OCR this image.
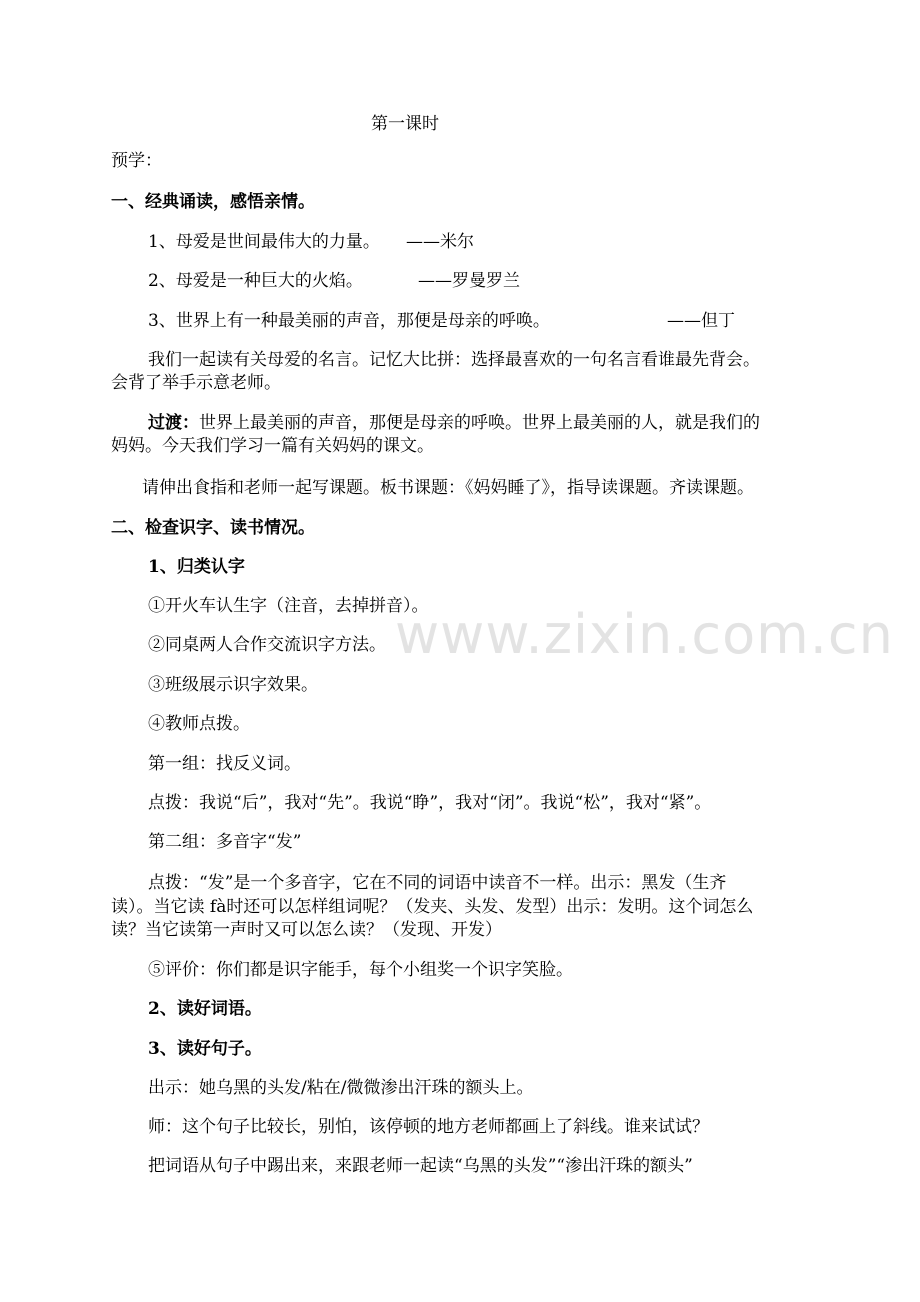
www.zixin.com.cn
第一课时
预学：
一、经典诵读，感悟亲情。
1、母爱是世间最伟大的力量。 ——米尔
2、母爱是一种巨大的火焰。	——罗曼罗兰
3、世界上有一种最美丽的声音，那便是母亲的呼唤。	——但丁
我们一起读有关母爱的名言。记忆大比拼：选择最喜欢的一句名言看谁最先背会。
会背了举手示意老师。
过渡：世界上最美丽的声音，那便是母亲的呼唤。世界上最美丽的人，就是我们的
妈妈。今天我们学习一篇有关妈妈的课文。
请伸出食指和老师一起写课题。板书课题：《妈妈睡了》，指导读课题。齐读课题。
二、检查识字、读书情况。
1、归类认字
①开火车认生字（注音，去掉拼音）。
②同桌两人合作交流识字方法。
③班级展示识字效果。
④教师点拨。
第一组：找反义词。
点拨：我说“后”，我对“先”。我说“睁”，我对“闭”。我说“松”，我对“紧”。
第二组：多音字“发”
点拨：“发”是一个多音字，它在不同的词语中读音不一样。出示：黑发（生齐
读）。当它读 fà时还可以怎样组词呢？（发夹、头发、发型）出示：发明。这个词怎么
读？当它读第一声时又可以怎么读？（发现、开发）
⑤评价：你们都是识字能手，每个小组奖一个识字笑脸。
2、读好词语。
3、读好句子。
出示：她乌黑的头发/粘在/微微渗出汗珠的额头上。
师：这个句子比较长，别怕，该停顿的地方老师都画上了斜线。谁来试试？
把词语从句子中踢出来，来跟老师一起读“乌黑的头发”“渗出汗珠的额头”
